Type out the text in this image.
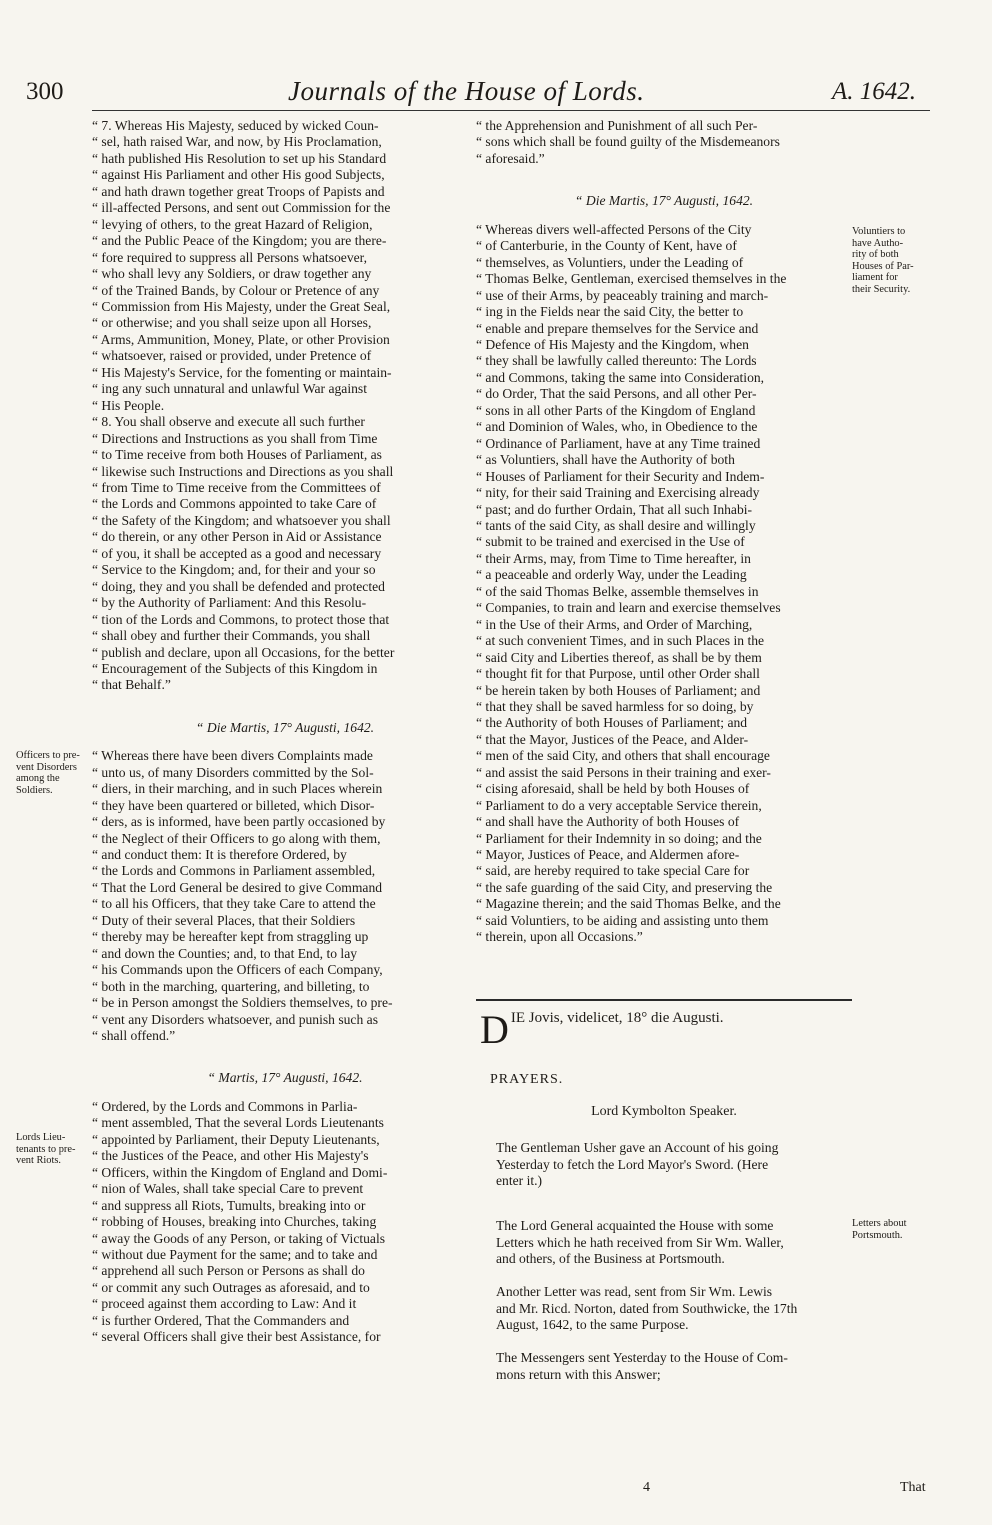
300	Journals of the House of Lords.	A. 1642.

“ 7. Whereas His Majesty, seduced by wicked Coun-
“ sel, hath raised War, and now, by His Proclamation,
“ hath published His Resolution to set up his Standard
“ against His Parliament and other His good Subjects,
“ and hath drawn together great Troops of Papists and
“ ill-affected Persons, and sent out Commission for the
“ levying of others, to the great Hazard of Religion,
“ and the Public Peace of the Kingdom; you are there-
“ fore required to suppress all Persons whatsoever,
“ who shall levy any Soldiers, or draw together any
“ of the Trained Bands, by Colour or Pretence of any
“ Commission from His Majesty, under the Great Seal,
“ or otherwise; and you shall seize upon all Horses,
“ Arms, Ammunition, Money, Plate, or other Provision
“ whatsoever, raised or provided, under Pretence of
“ His Majesty's Service, for the fomenting or maintain-
“ ing any such unnatural and unlawful War against
“ His People.

“ 8. You shall observe and execute all such further
“ Directions and Instructions as you shall from Time
“ to Time receive from both Houses of Parliament, as
“ likewise such Instructions and Directions as you shall
“ from Time to Time receive from the Committees of
“ the Lords and Commons appointed to take Care of
“ the Safety of the Kingdom; and whatsoever you shall
“ do therein, or any other Person in Aid or Assistance
“ of you, it shall be accepted as a good and necessary
“ Service to the Kingdom; and, for their and your so
“ doing, they and you shall be defended and protected
“ by the Authority of Parliament: And this Resolu-
“ tion of the Lords and Commons, to protect those that
“ shall obey and further their Commands, you shall
“ publish and declare, upon all Occasions, for the better
“ Encouragement of the Subjects of this Kingdom in
“ that Behalf.”

“ Die Martis, 17° Augusti, 1642.

“ Whereas there have been divers Complaints made
“ unto us, of many Disorders committed by the Sol-
“ diers, in their marching, and in such Places wherein
“ they have been quartered or billeted, which Disor-
“ ders, as is informed, have been partly occasioned by
“ the Neglect of their Officers to go along with them,
“ and conduct them: It is therefore Ordered, by
“ the Lords and Commons in Parliament assembled,
“ That the Lord General be desired to give Command
“ to all his Officers, that they take Care to attend the
“ Duty of their several Places, that their Soldiers
“ thereby may be hereafter kept from straggling up
“ and down the Counties; and, to that End, to lay
“ his Commands upon the Officers of each Company,
“ both in the marching, quartering, and billeting, to
“ be in Person amongst the Soldiers themselves, to pre-
“ vent any Disorders whatsoever, and punish such as
“ shall offend.”

“ Martis, 17° Augusti, 1642.

“ Ordered, by the Lords and Commons in Parlia-
“ ment assembled, That the several Lords Lieutenants
“ appointed by Parliament, their Deputy Lieutenants,
“ the Justices of the Peace, and other His Majesty's
“ Officers, within the Kingdom of England and Domi-
“ nion of Wales, shall take special Care to prevent
“ and suppress all Riots, Tumults, breaking into or
“ robbing of Houses, breaking into Churches, taking
“ away the Goods of any Person, or taking of Victuals
“ without due Payment for the same; and to take and
“ apprehend all such Person or Persons as shall do
“ or commit any such Outrages as aforesaid, and to
“ proceed against them according to Law: And it
“ is further Ordered, That the Commanders and
“ several Officers shall give their best Assistance, for

Officers to pre-
vent Disorders
among the
Soldiers.
Lords Lieu-
tenants to pre-
vent Riots.

“ the Apprehension and Punishment of all such Per-
“ sons which shall be found guilty of the Misdemeanors
“ aforesaid.”

“ Die Martis, 17° Augusti, 1642.

“ Whereas divers well-affected Persons of the City
“ of Canterburie, in the County of Kent, have of
“ themselves, as Voluntiers, under the Leading of
“ Thomas Belke, Gentleman, exercised themselves in the
“ use of their Arms, by peaceably training and march-
“ ing in the Fields near the said City, the better to
“ enable and prepare themselves for the Service and
“ Defence of His Majesty and the Kingdom, when
“ they shall be lawfully called thereunto: The Lords
“ and Commons, taking the same into Consideration,
“ do Order, That the said Persons, and all other Per-
“ sons in all other Parts of the Kingdom of England
“ and Dominion of Wales, who, in Obedience to the
“ Ordinance of Parliament, have at any Time trained
“ as Voluntiers, shall have the Authority of both
“ Houses of Parliament for their Security and Indem-
“ nity, for their said Training and Exercising already
“ past; and do further Ordain, That all such Inhabi-
“ tants of the said City, as shall desire and willingly
“ submit to be trained and exercised in the Use of
“ their Arms, may, from Time to Time hereafter, in
“ a peaceable and orderly Way, under the Leading
“ of the said Thomas Belke, assemble themselves in
“ Companies, to train and learn and exercise themselves
“ in the Use of their Arms, and Order of Marching,
“ at such convenient Times, and in such Places in the
“ said City and Liberties thereof, as shall be by them
“ thought fit for that Purpose, until other Order shall
“ be herein taken by both Houses of Parliament; and
“ that they shall be saved harmless for so doing, by
“ the Authority of both Houses of Parliament; and
“ that the Mayor, Justices of the Peace, and Alder-
“ men of the said City, and others that shall encourage
“ and assist the said Persons in their training and exer-
“ cising aforesaid, shall be held by both Houses of
“ Parliament to do a very acceptable Service therein,
“ and shall have the Authority of both Houses of
“ Parliament for their Indemnity in so doing; and the
“ Mayor, Justices of Peace, and Aldermen afore-
“ said, are hereby required to take special Care for
“ the safe guarding of the said City, and preserving the
“ Magazine therein; and the said Thomas Belke, and the
“ said Voluntiers, to be aiding and assisting unto them
“ therein, upon all Occasions.”

Voluntiers to
have Autho-
rity of both
Houses of Par-
liament for
their Security.
Letters about
Portsmouth.
D IE Jovis, videlicet, 18° die Augusti.
PRAYERS.
Lord Kymbolton Speaker.
The Gentleman Usher gave an Account of his going
Yesterday to fetch the Lord Mayor's Sword. (Here
enter it.)
The Lord General acquainted the House with some
Letters which he hath received from Sir Wm. Waller,
and others, of the Business at Portsmouth.
Another Letter was read, sent from Sir Wm. Lewis
and Mr. Ricd. Norton, dated from Southwicke, the 17th
August, 1642, to the same Purpose.
The Messengers sent Yesterday to the House of Com-
mons return with this Answer;
4	That
